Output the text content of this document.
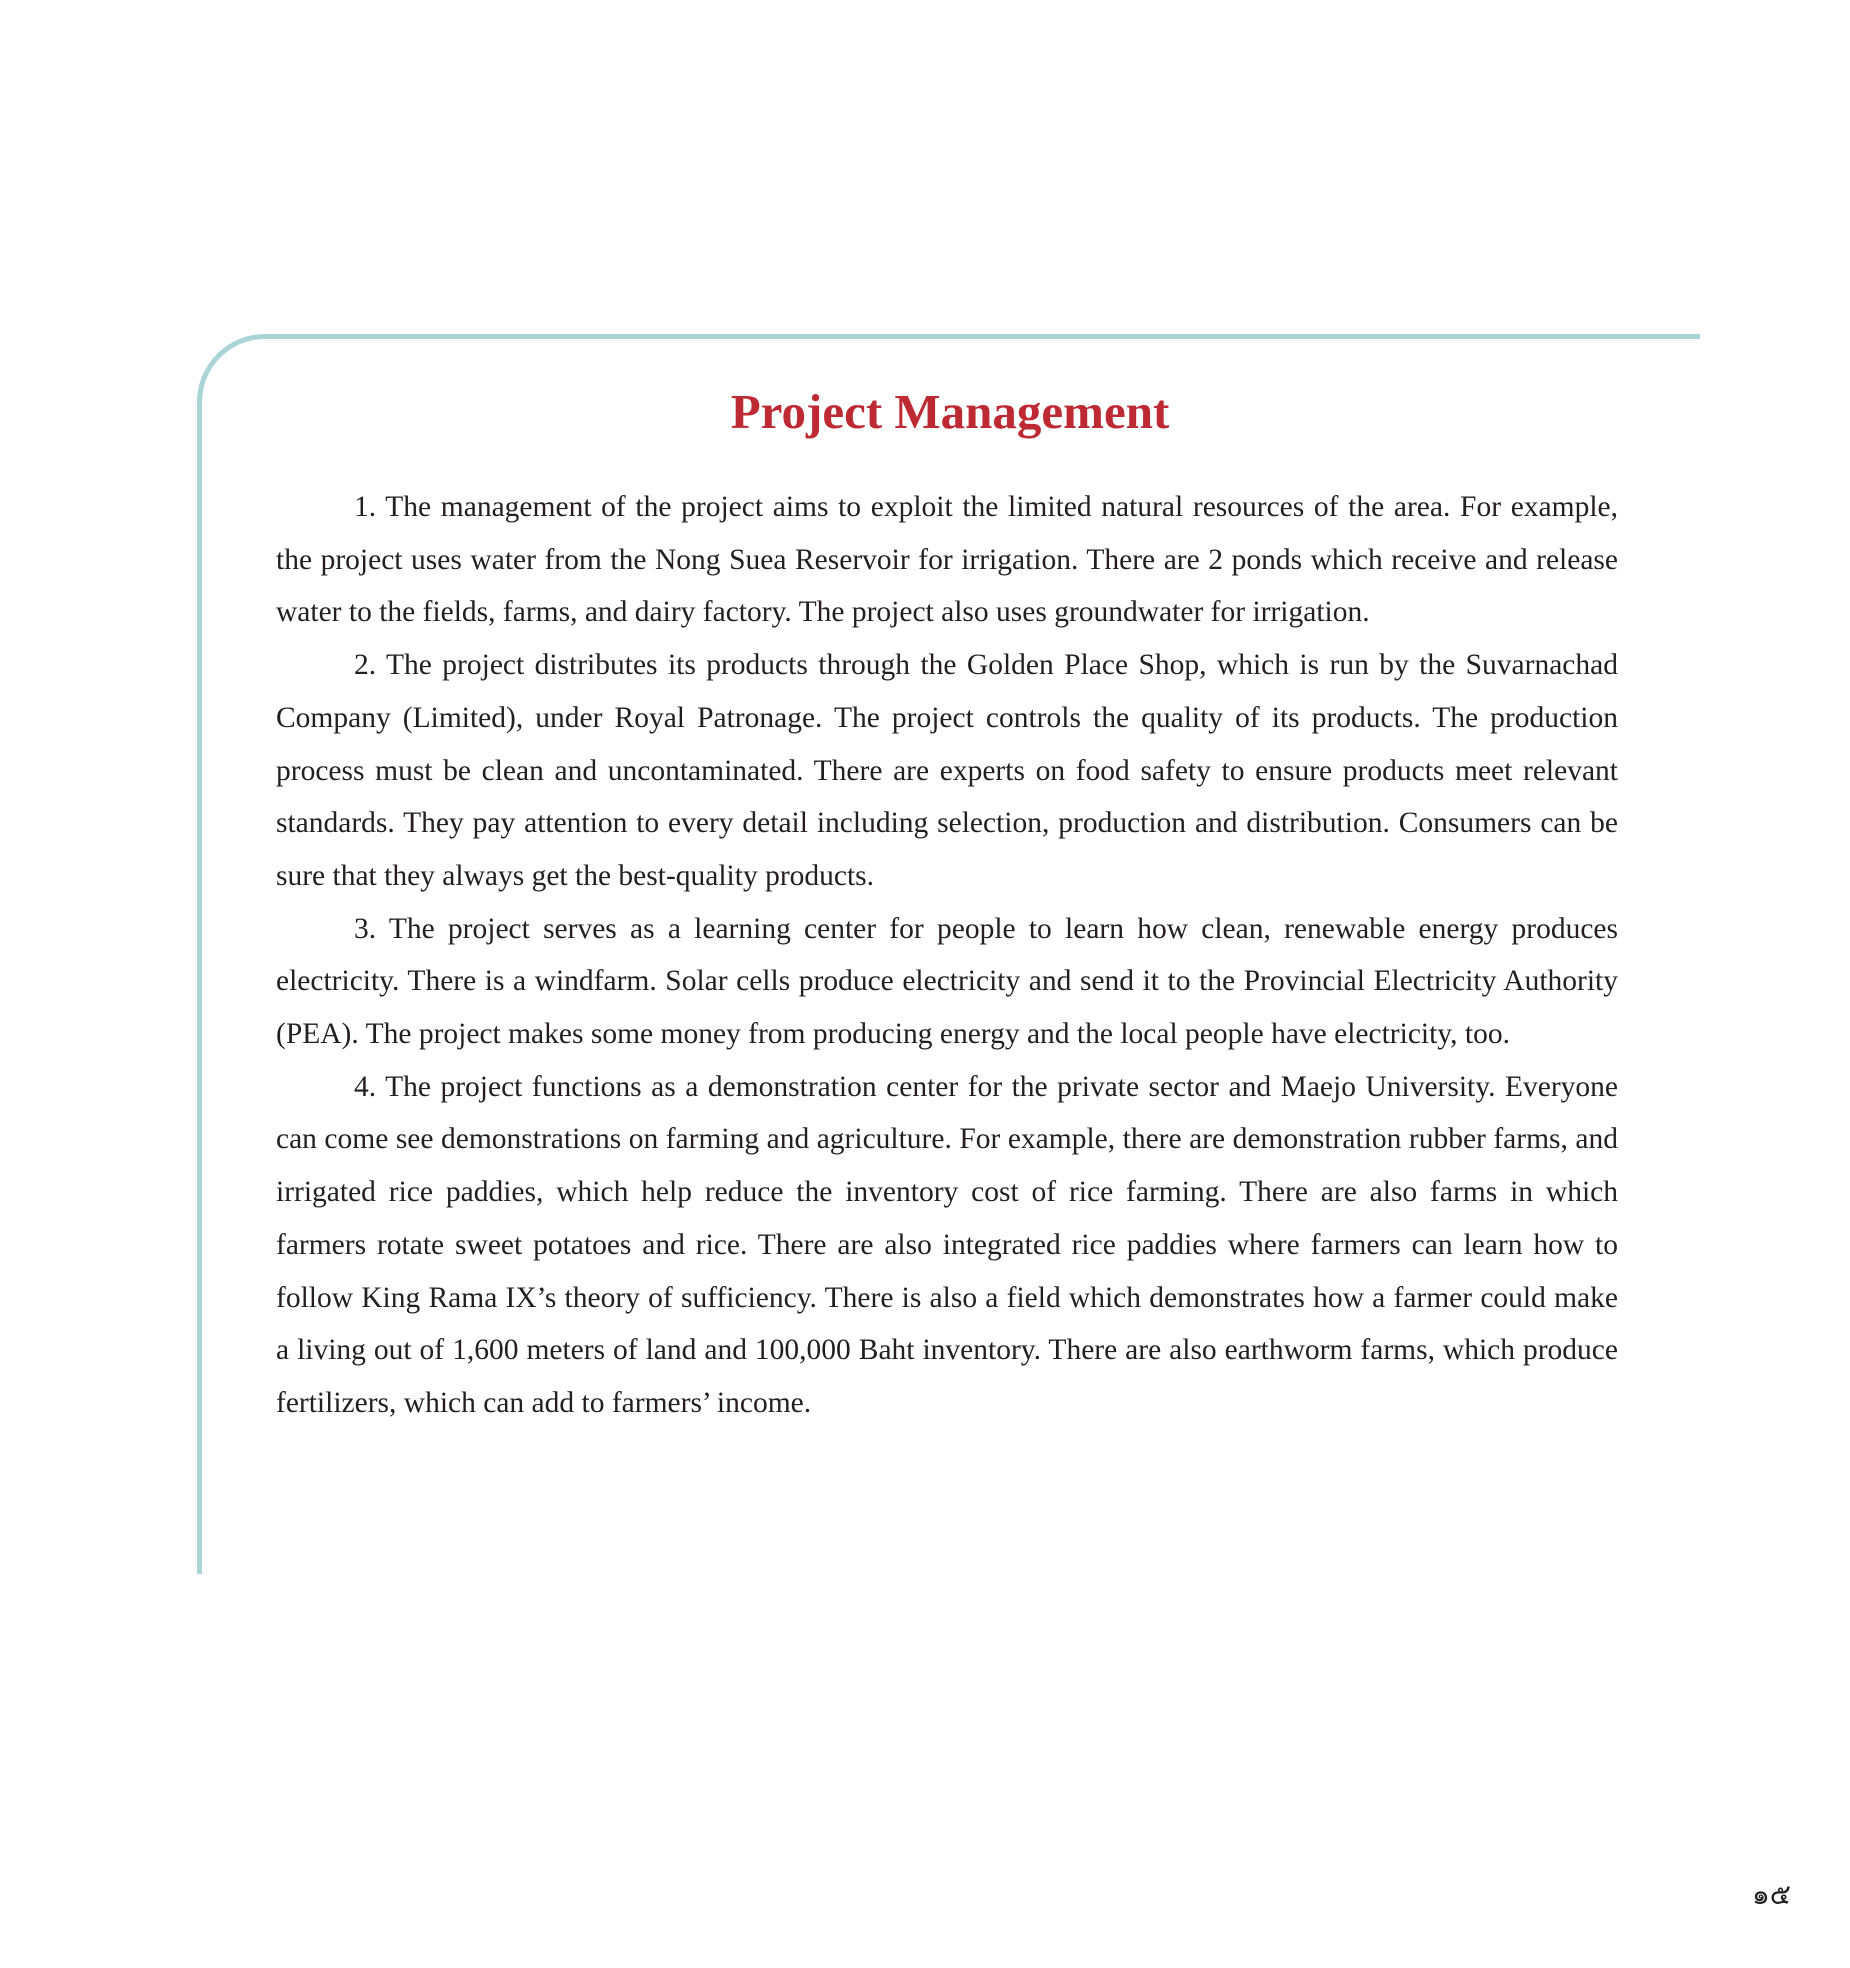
Project Management

1. The management of the project aims to exploit the limited natural resources of the area. For example, the project uses water from the Nong Suea Reservoir for irrigation. There are 2 ponds which receive and release water to the fields, farms, and dairy factory. The project also uses groundwater for irrigation.

2. The project distributes its products through the Golden Place Shop, which is run by the Suvarnachad Company (Limited), under Royal Patronage. The project controls the quality of its products. The production process must be clean and uncontaminated. There are experts on food safety to ensure products meet relevant standards. They pay attention to every detail including selection, production and distribution. Consumers can be sure that they always get the best-quality products.

3. The project serves as a learning center for people to learn how clean, renewable energy produces electricity. There is a windfarm. Solar cells produce electricity and send it to the Provincial Electricity Authority (PEA). The project makes some money from producing energy and the local people have electricity, too.

4. The project functions as a demonstration center for the private sector and Maejo University. Everyone can come see demonstrations on farming and agriculture. For example, there are demonstration rubber farms, and irrigated rice paddies, which help reduce the inventory cost of rice farming. There are also farms in which farmers rotate sweet potatoes and rice. There are also integrated rice paddies where farmers can learn how to follow King Rama IX’s theory of sufficiency. There is also a field which demonstrates how a farmer could make a living out of 1,600 meters of land and 100,000 Baht inventory. There are also earthworm farms, which produce fertilizers, which can add to farmers’ income.

๑๕
